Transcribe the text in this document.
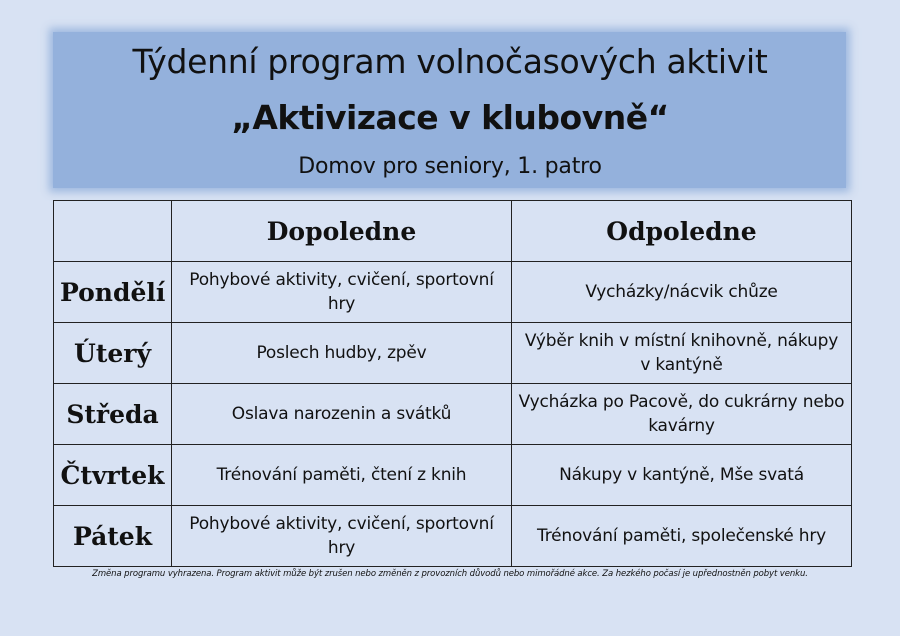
Týdenní program volnočasových aktivit
„Aktivizace v klubovně“
Domov pro seniory, 1. patro
	Dopoledne	Odpoledne
Pondělí	Pohybové aktivity, cvičení, sportovní hry	Vycházky/nácvik chůze
Úterý	Poslech hudby, zpěv	Výběr knih v místní knihovně, nákupy v kantýně
Středa	Oslava narozenin a svátků	Vycházka po Pacově, do cukrárny nebo kavárny
Čtvrtek	Trénování paměti, čtení z knih	Nákupy v kantýně, Mše svatá
Pátek	Pohybové aktivity, cvičení, sportovní hry	Trénování paměti, společenské hry
Změna programu vyhrazena. Program aktivit může být zrušen nebo změněn z provozních důvodů nebo mimořádné akce. Za hezkého počasí je upřednostněn pobyt venku.
